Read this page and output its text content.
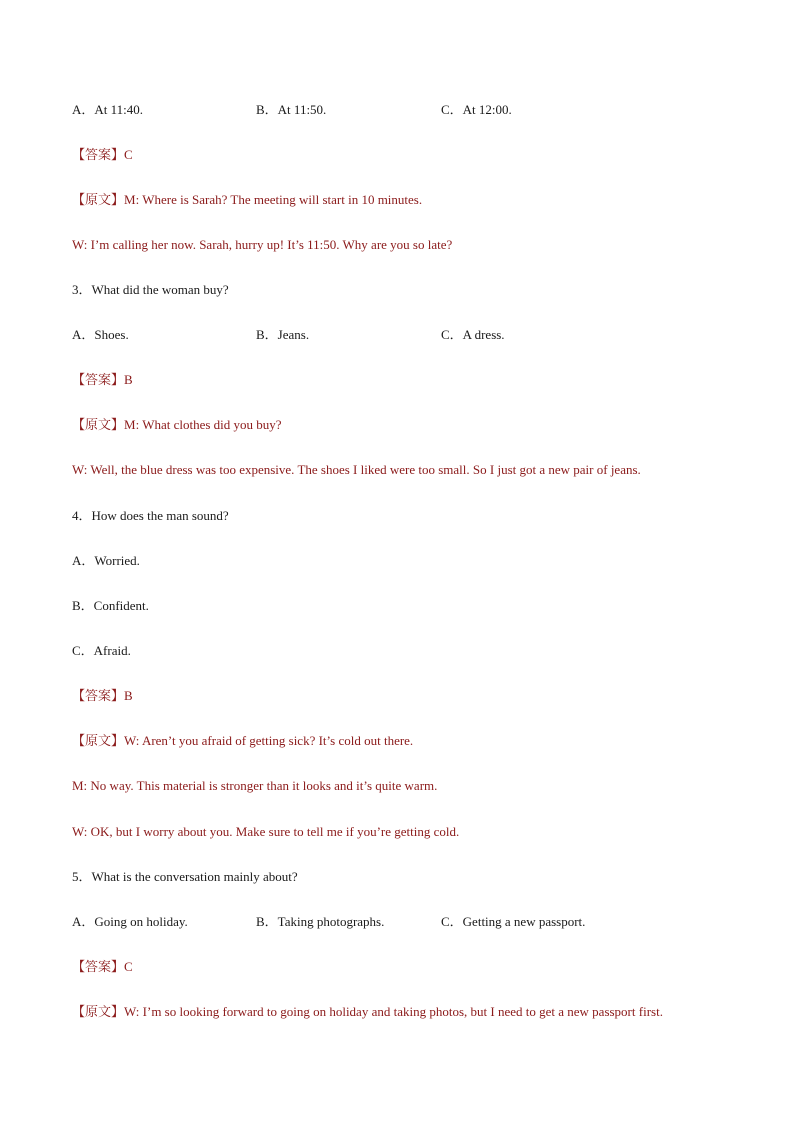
A．At 11:40.	B．At 11:50.	C．At 12:00.
【答案】C
【原文】M: Where is Sarah? The meeting will start in 10 minutes.
W: I’m calling her now. Sarah, hurry up! It’s 11:50. Why are you so late?
3．What did the woman buy?
A．Shoes.	B．Jeans.	C．A dress.
【答案】B
【原文】M: What clothes did you buy?
W: Well, the blue dress was too expensive. The shoes I liked were too small. So I just got a new pair of jeans.
4．How does the man sound?
A．Worried.
B．Confident.
C．Afraid.
【答案】B
【原文】W: Aren’t you afraid of getting sick? It’s cold out there.
M: No way. This material is stronger than it looks and it’s quite warm.
W: OK, but I worry about you. Make sure to tell me if you’re getting cold.
5．What is the conversation mainly about?
A．Going on holiday.	B．Taking photographs.	C．Getting a new passport.
【答案】C
【原文】W: I’m so looking forward to going on holiday and taking photos, but I need to get a new passport first.
